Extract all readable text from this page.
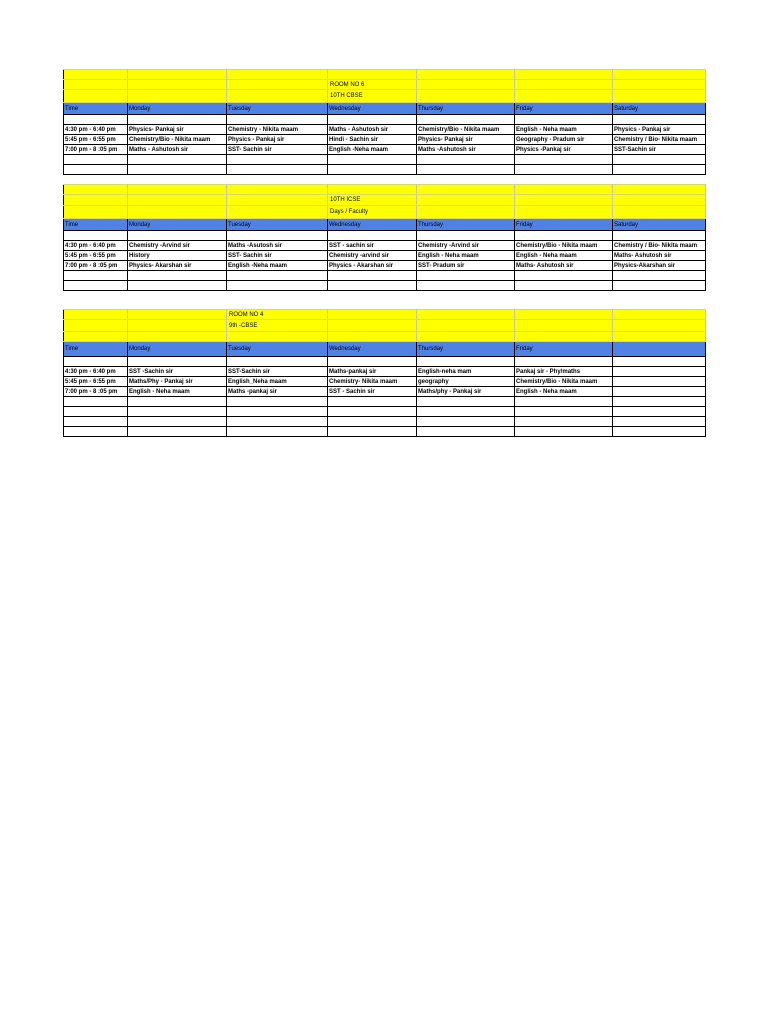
			ROOM NO 6			
			10TH CBSE			
Time	Monday	Tuesday	Wednesday	Thursday	Friday	Saturday

4:30 pm - 6:40 pm	Physics- Pankaj sir	Chemistry - Nikita maam	Maths - Ashutosh sir	Chemistry/Bio - Nikita maam	English - Neha maam	Physics - Pankaj sir
5:45 pm - 6:55 pm	Chemistry/Bio - Nikita maam	Physics - Pankaj sir	Hindi - Sachin sir	Physics- Pankaj sir	Geography - Pradum sir	Chemistry / Bio- Nikita maam
7:00 pm - 8 :05 pm	Maths - Ashutosh sir	SST- Sachin sir	English -Neha maam	Maths -Ashutosh sir	Physics -Pankaj sir	SST-Sachin sir

			10TH ICSE			
			Days / Faculty			
Time	Monday	Tuesday	Wednesday	Thursday	Friday	Saturday

4:30 pm - 6:40 pm	Chemistry -Arvind sir	Maths -Asutosh sir	SST - sachin sir	Chemistry -Arvind sir	Chemistry/Bio - Nikita maam	Chemistry / Bio- Nikita maam
5:45 pm - 6:55 pm	History	SST- Sachin sir	Chemistry -arvind sir	English - Neha maam	English - Neha maam	Maths- Ashutosh sir
7:00 pm - 8 :05 pm	Physics- Akarshan sir	English -Neha maam	Physics - Akarshan sir	SST- Pradum sir	Maths- Ashutosh sir	Physics-Akarshan sir

		ROOM NO 4				
		9th -CBSE				

Time	Monday	Tuesday	Wednesday	Thursday	Friday	

4:30 pm - 6:40 pm	SST -Sachin sir	SST-Sachin sir	Maths-pankaj sir	English-neha mam	Pankaj sir - Phy/maths	
5:45 pm - 6:55 pm	Maths/Phy - Pankaj sir	English_Neha maam	Chemistry- Nikita maam	geography	Chemistry/Bio - Nikita maam	
7:00 pm - 8 :05 pm	English - Neha maam	Maths -pankaj sir	SST - Sachin sir	Maths/phy - Pankaj sir	English - Neha maam	
